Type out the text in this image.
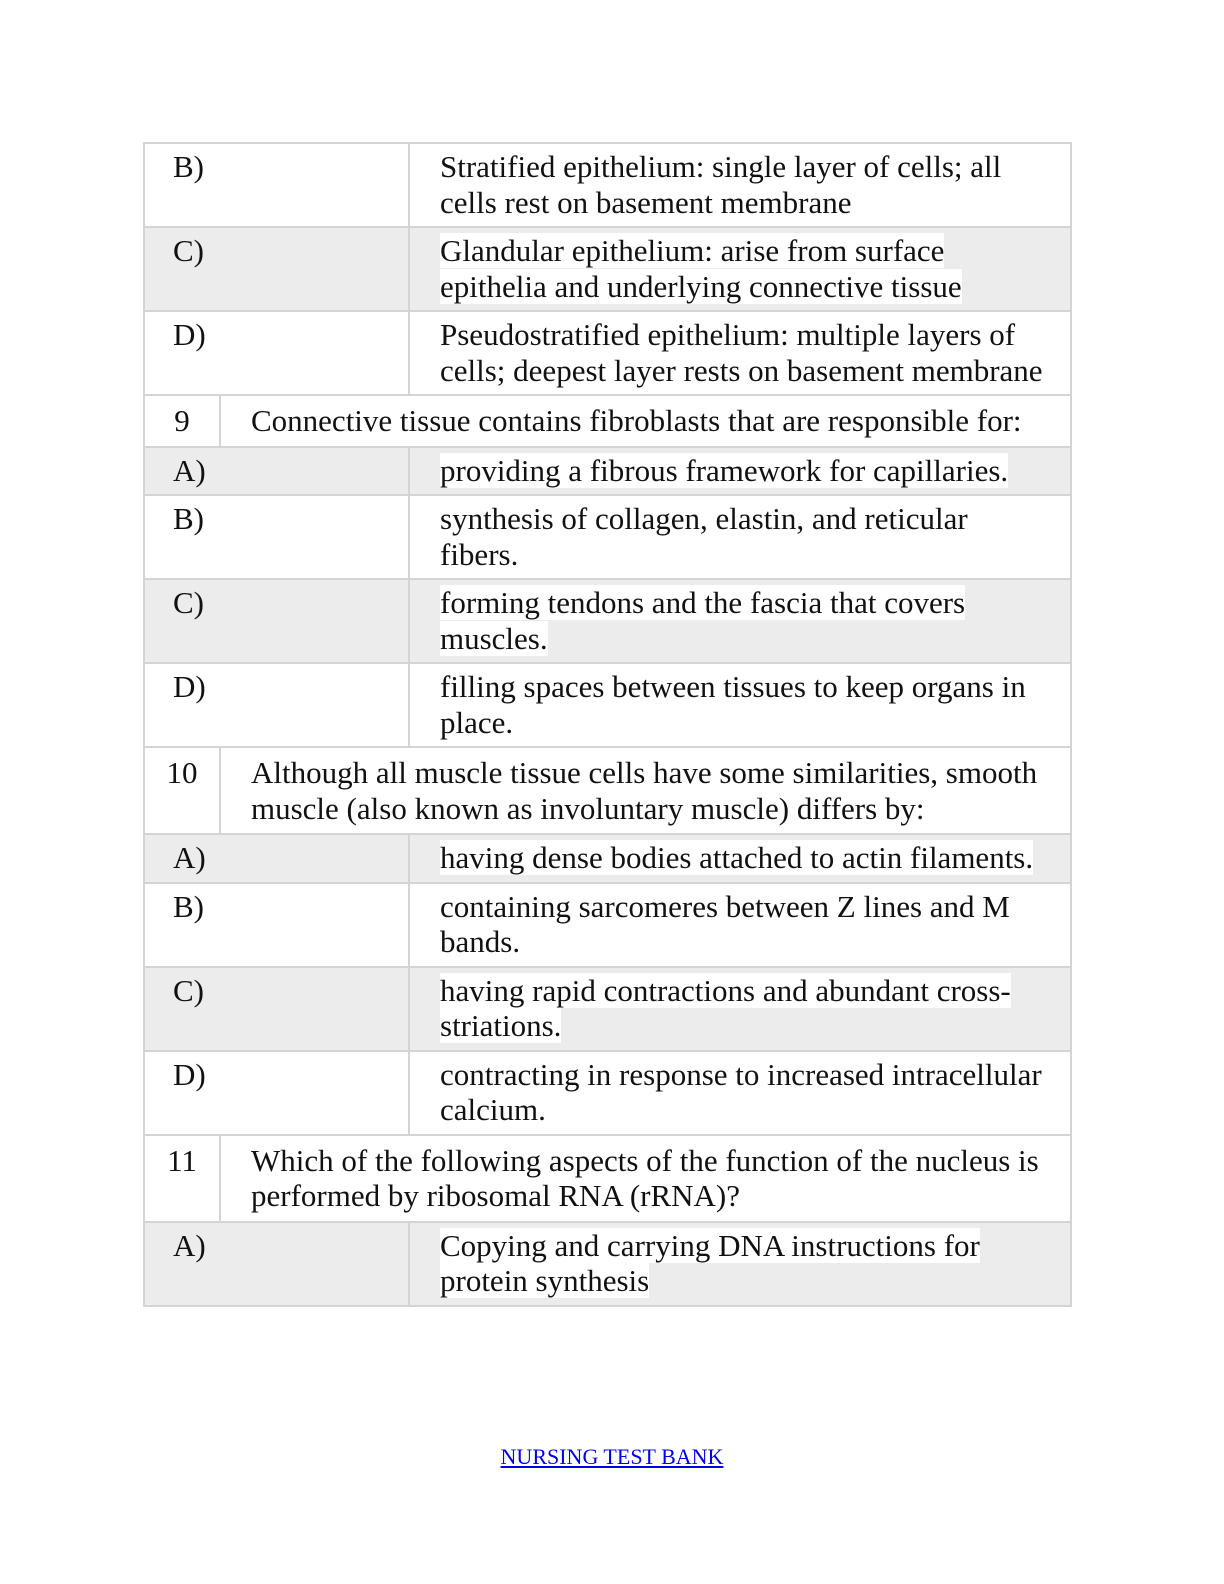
B)		Stratified epithelium: single layer of cells; all cells rest on basement membrane
C)		Glandular epithelium: arise from surface epithelia and underlying connective tissue
D)		Pseudostratified epithelium: multiple layers of cells; deepest layer rests on basement membrane
9	Connective tissue contains fibroblasts that are responsible for:	
A)		providing a fibrous framework for capillaries.
B)		synthesis of collagen, elastin, and reticular fibers.
C)		forming tendons and the fascia that covers muscles.
D)		filling spaces between tissues to keep organs in place.
10	Although all muscle tissue cells have some similarities, smooth muscle (also known as involuntary muscle) differs by:	
A)		having dense bodies attached to actin filaments.
B)		containing sarcomeres between Z lines and M bands.
C)		having rapid contractions and abundant cross-striations.
D)		contracting in response to increased intracellular calcium.
11	Which of the following aspects of the function of the nucleus is performed by ribosomal RNA (rRNA)?	
A)		Copying and carrying DNA instructions for protein synthesis
NURSING TEST BANK
